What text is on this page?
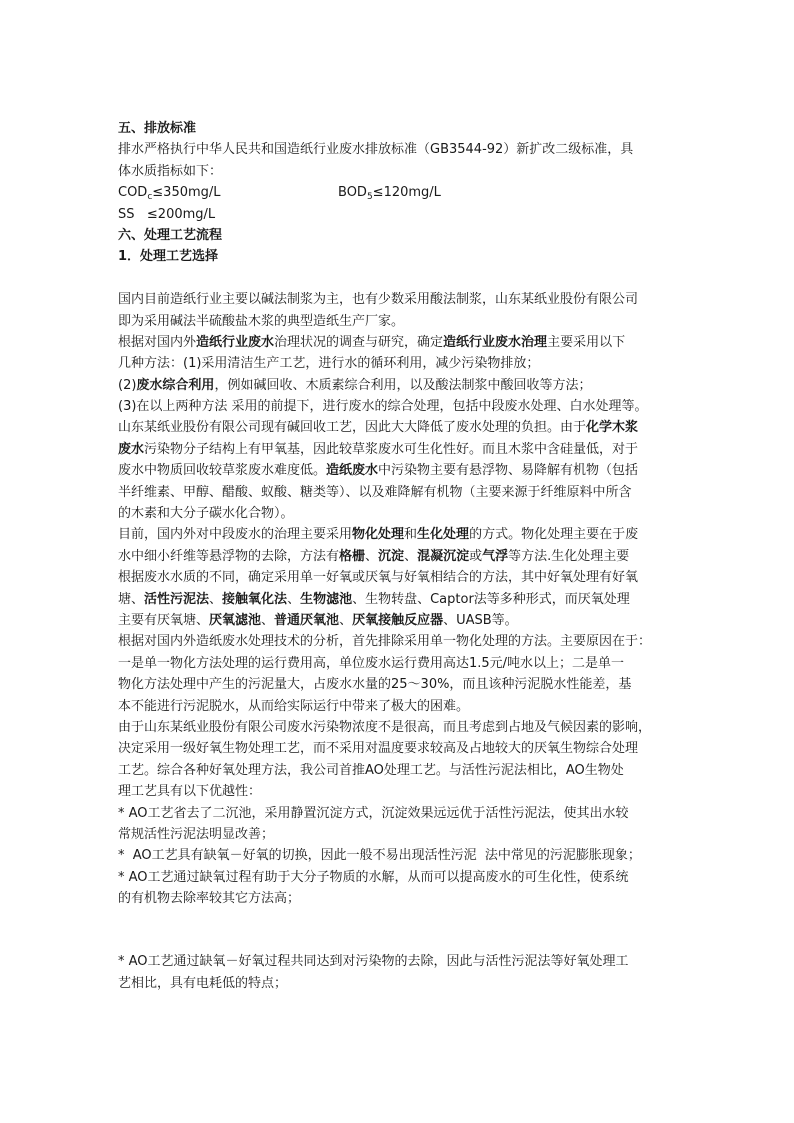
五、排放标准
排水严格执行中华人民共和国造纸行业废水排放标准（GB3544-92）新扩改二级标准，具
体水质指标如下：
$COD_c\le 350mg/L$	$BOD_5\le 120mg/L$
SS   ≤200mg/L
六、处理工艺流程
1．处理工艺选择
国内目前造纸行业主要以碱法制浆为主，也有少数采用酸法制浆，山东某纸业股份有限公司
即为采用碱法半硫酸盐木浆的典型造纸生产厂家。
根据对国内外造纸行业废水治理状况的调查与研究，确定造纸行业废水治理主要采用以下
几种方法：(1)采用清洁生产工艺，进行水的循环利用，减少污染物排放；
(2)废水综合利用，例如碱回收、木质素综合利用，以及酸法制浆中酸回收等方法；
(3)在以上两种方法 采用的前提下，进行废水的综合处理，包括中段废水处理、白水处理等。
山东某纸业股份有限公司现有碱回收工艺，因此大大降低了废水处理的负担。由于化学木浆
废水污染物分子结构上有甲氧基，因此较草浆废水可生化性好。而且木浆中含硅量低，对于
废水中物质回收较草浆废水难度低。造纸废水中污染物主要有悬浮物、易降解有机物（包括
半纤维素、甲醇、醋酸、蚁酸、糖类等）、以及难降解有机物（主要来源于纤维原料中所含
的木素和大分子碳水化合物）。
目前，国内外对中段废水的治理主要采用物化处理和生化处理的方式。物化处理主要在于废
水中细小纤维等悬浮物的去除，方法有格栅、沉淀、混凝沉淀或气浮等方法.生化处理主要
根据废水水质的不同，确定采用单一好氧或厌氧与好氧相结合的方法，其中好氧处理有好氧
塘、活性污泥法、接触氧化法、生物滤池、生物转盘、Captor法等多种形式，而厌氧处理
主要有厌氧塘、厌氧滤池、普通厌氧池、厌氧接触反应器、UASB等。
根据对国内外造纸废水处理技术的分析，首先排除采用单一物化处理的方法。主要原因在于：
一是单一物化方法处理的运行费用高，单位废水运行费用高达1.5元/吨水以上；二是单一
物化方法处理中产生的污泥量大，占废水水量的25～30%，而且该种污泥脱水性能差，基
本不能进行污泥脱水，从而给实际运行中带来了极大的困难。
由于山东某纸业股份有限公司废水污染物浓度不是很高，而且考虑到占地及气候因素的影响，
决定采用一级好氧生物处理工艺，而不采用对温度要求较高及占地较大的厌氧生物综合处理
工艺。综合各种好氧处理方法，我公司首推AO处理工艺。与活性污泥法相比，AO生物处
理工艺具有以下优越性：
* AO工艺省去了二沉池，采用静置沉淀方式，沉淀效果远远优于活性污泥法，使其出水较
常规活性污泥法明显改善；
*  AO工艺具有缺氧－好氧的切换，因此一般不易出现活性污泥  法中常见的污泥膨胀现象；
* AO工艺通过缺氧过程有助于大分子物质的水解，从而可以提高废水的可生化性，使系统
的有机物去除率较其它方法高；
* AO工艺通过缺氧－好氧过程共同达到对污染物的去除，因此与活性污泥法等好氧处理工
艺相比，具有电耗低的特点；
